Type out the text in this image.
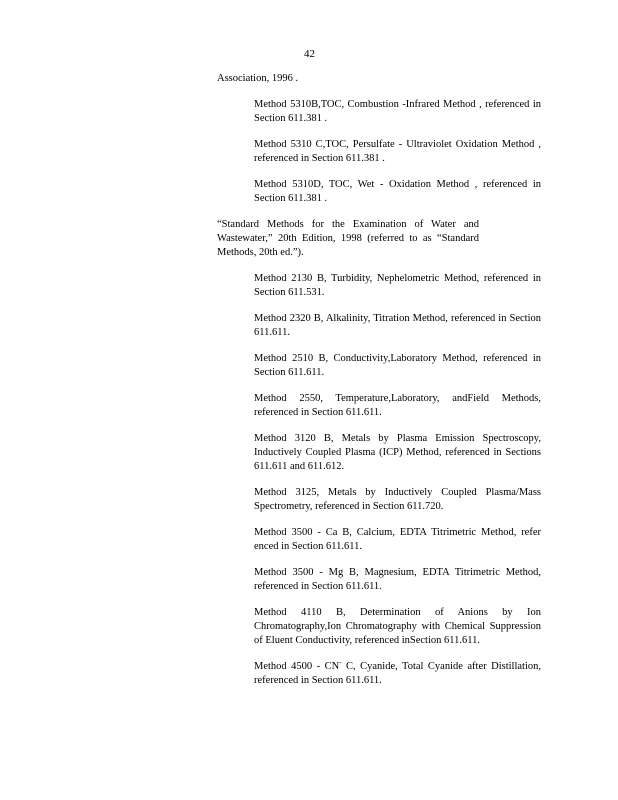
42

Association, 1996 .

Method 5310B,TOC, Combustion -Infrared Method , referenced in Section 611.381 .

Method 5310 C,TOC, Persulfate - Ultraviolet Oxidation Method , referenced in Section 611.381 .

Method 5310D, TOC, Wet - Oxidation Method , referenced in Section 611.381 .

“Standard Methods for the Examination of Water and Wastewater,” 20th Edition, 1998 (referred to as “Standard Methods, 20th ed.”).

Method 2130 B, Turbidity, Nephelometric Method, referenced in Section 611.531.

Method 2320 B, Alkalinity, Titration Method, referenced in Section 611.611.

Method 2510 B, Conductivity,Laboratory Method, referenced in Section 611.611.

Method 2550, Temperature,Laboratory, andField Methods, referenced in Section 611.611.

Method 3120 B, Metals by Plasma Emission Spectroscopy, Inductively Coupled Plasma (ICP) Method, referenced in Sections 611.611 and 611.612.

Method 3125, Metals by Inductively Coupled Plasma/Mass Spectrometry, referenced in Section 611.720.

Method 3500 - Ca B, Calcium, EDTA Titrimetric Method, refer enced in Section 611.611.

Method 3500 - Mg B, Magnesium, EDTA Titrimetric Method, referenced in Section 611.611.

Method 4110 B, Determination of Anions by Ion Chromatography,Ion Chromatography with Chemical Suppression of Eluent Conductivity, referenced inSection 611.611.

Method 4500 - CN- C, Cyanide, Total Cyanide after Distillation, referenced in Section 611.611.
